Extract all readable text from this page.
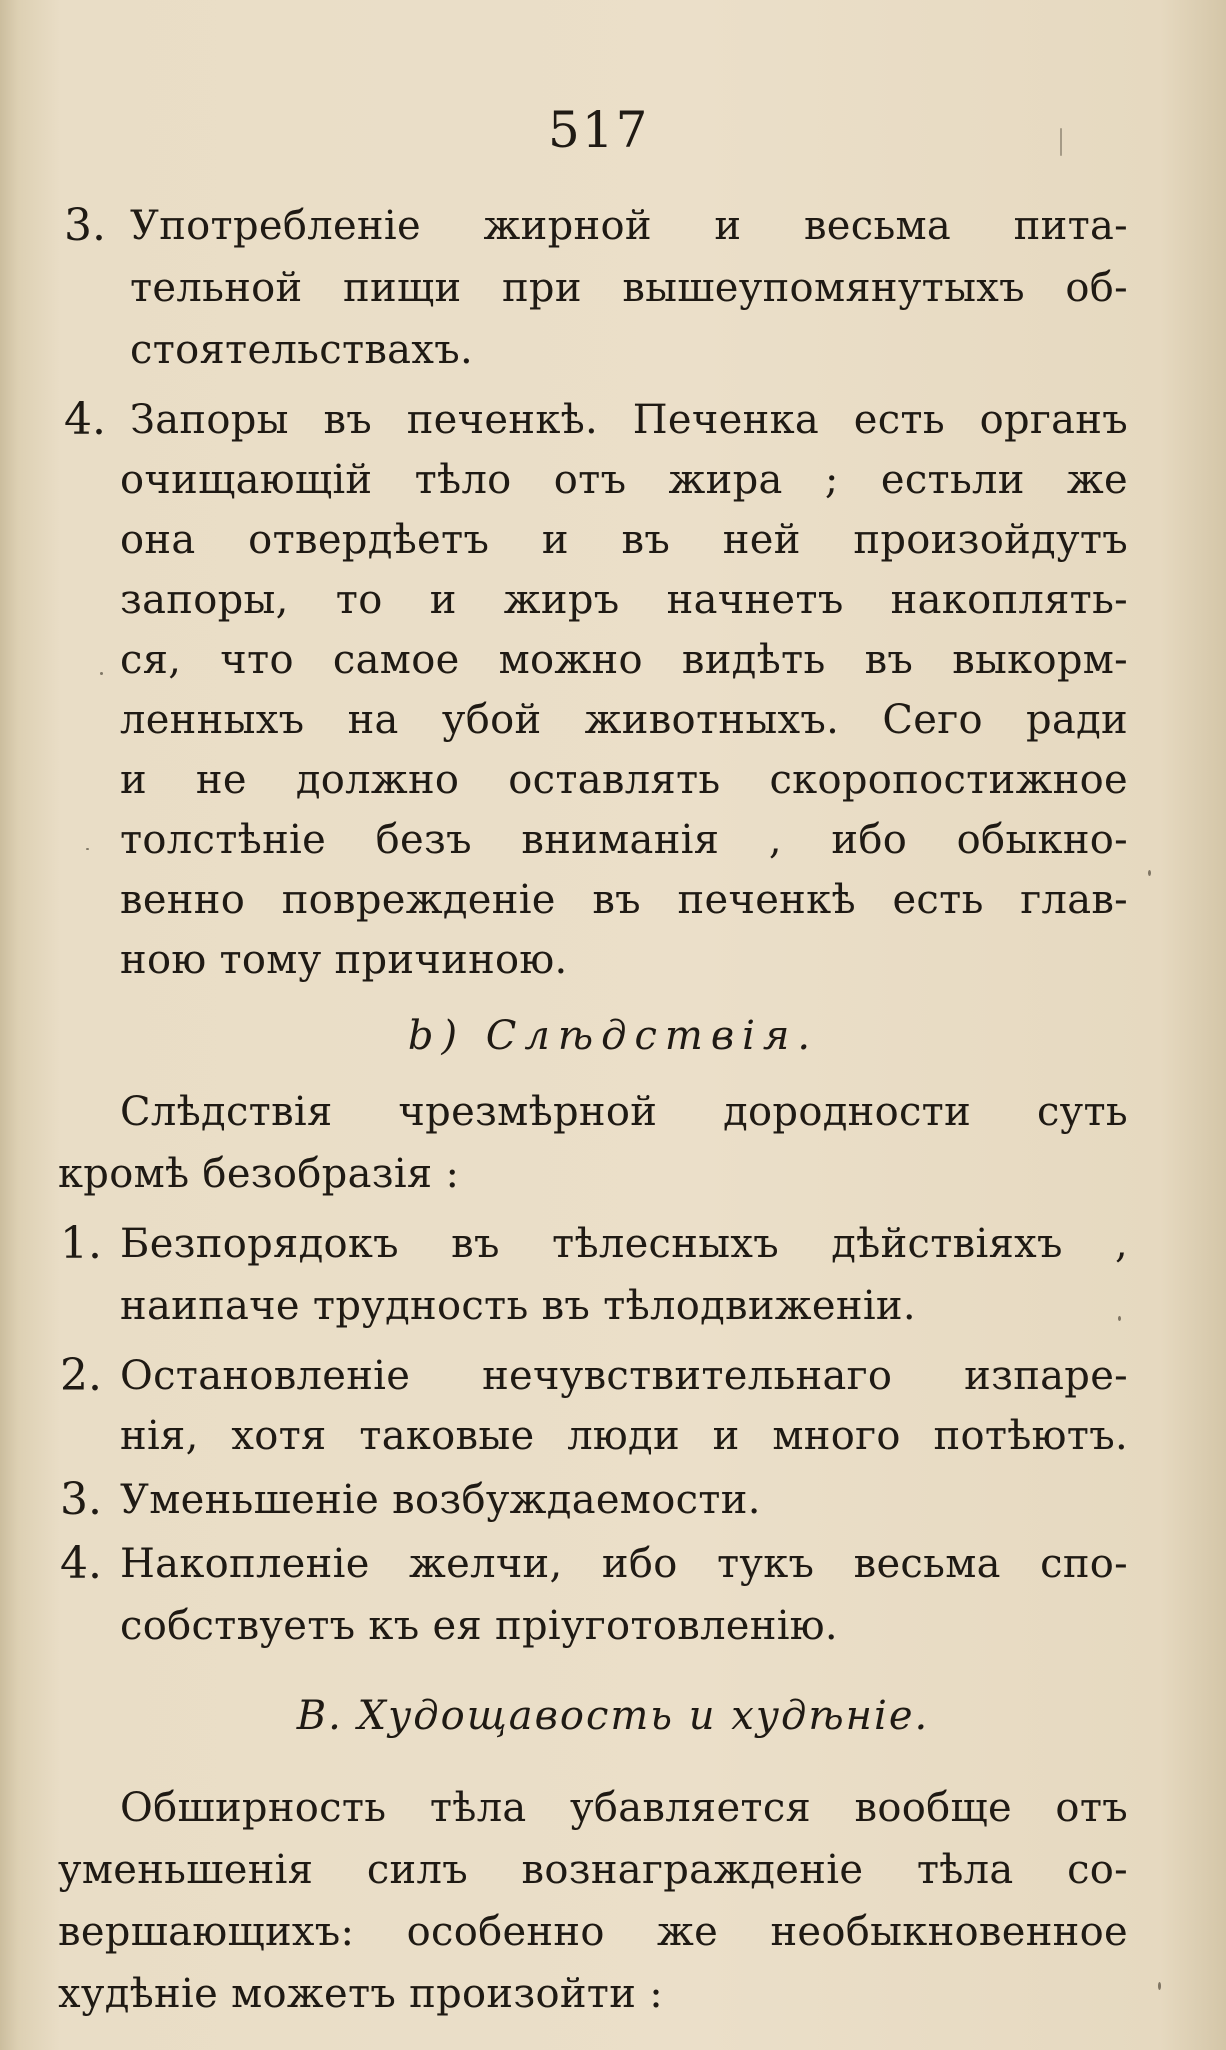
517
3. Употребленіе жирной и весьма пита-
тельной пищи при вышеупомянутыхъ об-
стоятельствахъ.
4. Запоры въ печенкѣ. Печенка есть органъ
очищающій тѣло отъ жира ; естьли же
она отвердѣетъ и въ ней произойдутъ
запоры, то и жиръ начнетъ накоплять-
ся, что самое можно видѣть въ выкорм-
ленныхъ на убой животныхъ. Сего ради
и не должно оставлять скоропостижное
толстѣніе безъ вниманія , ибо обыкно-
венно поврежденіе въ печенкѣ есть глав-
ною тому причиною.
b) Слѣдствія.
Слѣдствія чрезмѣрной дородности суть
кромѣ безобразія :
1. Безпорядокъ въ тѣлесныхъ дѣйствіяхъ ,
наипаче трудность въ тѣлодвиженіи.
2. Остановленіе нечувствительнаго изпаре-
нія, хотя таковые люди и много потѣютъ.
3. Уменьшеніе возбуждаемости.
4. Накопленіе желчи, ибо тукъ весьма спо-
собствуетъ къ ея пріуготовленію.
В. Худощавость и худѣніе.
Обширность тѣла убавляется вообще отъ
уменьшенія силъ вознагражденіе тѣла со-
вершающихъ: особенно же необыкновенное
худѣніе можетъ произойти :
